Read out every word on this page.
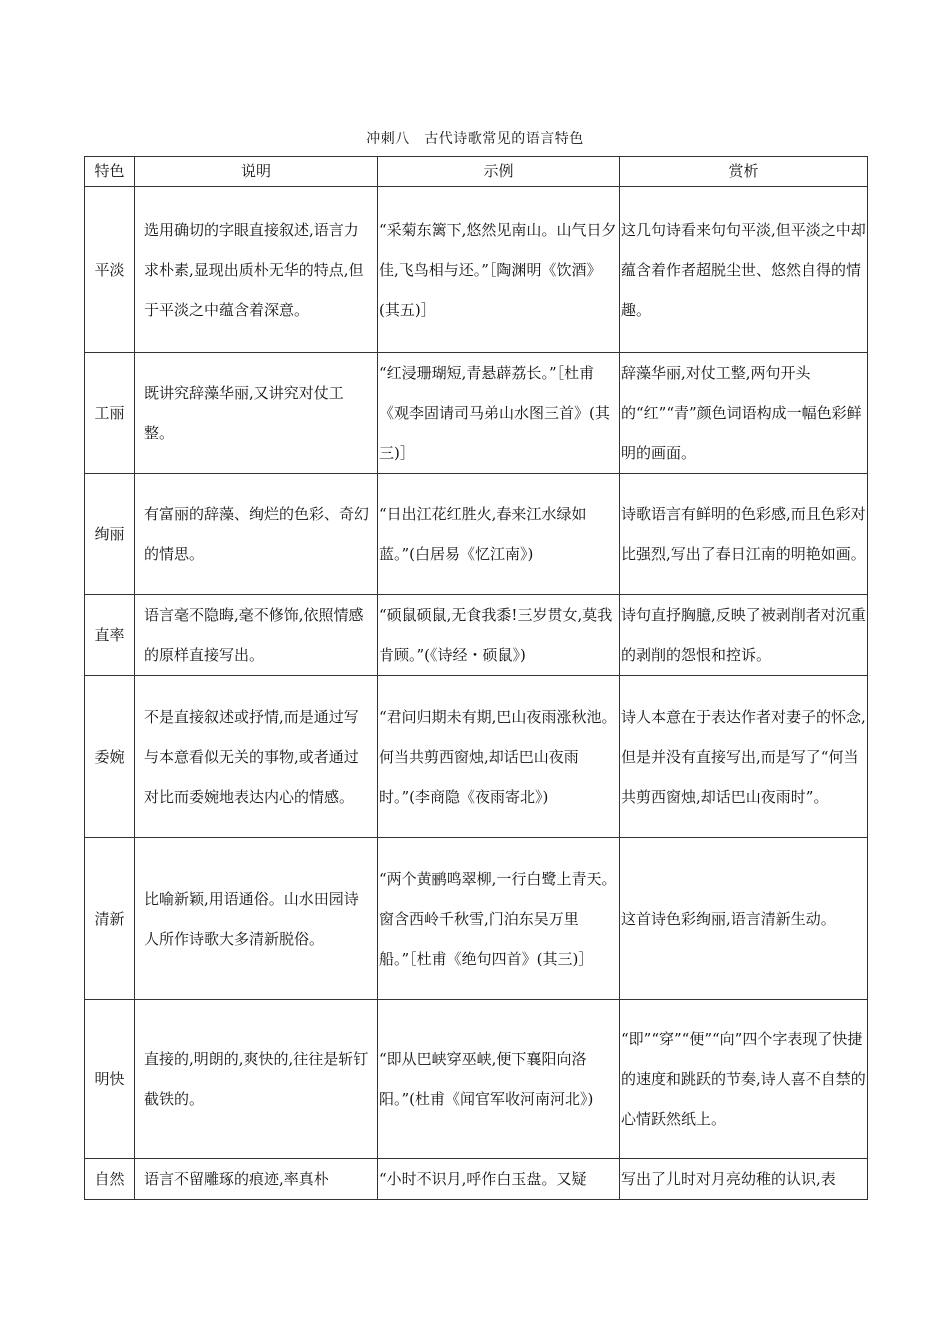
冲刺八　古代诗歌常见的语言特色
特色	说明	示例	赏析
平淡	选用确切的字眼直接叙述,语言力求朴素,显现出质朴无华的特点,但于平淡之中蕴含着深意。	“采菊东篱下,悠然见南山。山气日夕佳,飞鸟相与还。”［陶渊明《饮酒》(其五)］	这几句诗看来句句平淡,但平淡之中却蕴含着作者超脱尘世、悠然自得的情趣。
工丽	既讲究辞藻华丽,又讲究对仗工整。	“红浸珊瑚短,青悬薜荔长。”［杜甫《观李固请司马弟山水图三首》(其三)］	辞藻华丽,对仗工整,两句开头的“红”“青”颜色词语构成一幅色彩鲜明的画面。
绚丽	有富丽的辞藻、绚烂的色彩、奇幻的情思。	“日出江花红胜火,春来江水绿如蓝。”(白居易《忆江南》)	诗歌语言有鲜明的色彩感,而且色彩对比强烈,写出了春日江南的明艳如画。
直率	语言毫不隐晦,毫不修饰,依照情感的原样直接写出。	“硕鼠硕鼠,无食我黍!三岁贯女,莫我肯顾。”(《诗经・硕鼠》)	诗句直抒胸臆,反映了被剥削者对沉重的剥削的怨恨和控诉。
委婉	不是直接叙述或抒情,而是通过写与本意看似无关的事物,或者通过对比而委婉地表达内心的情感。	“君问归期未有期,巴山夜雨涨秋池。何当共剪西窗烛,却话巴山夜雨时。”(李商隐《夜雨寄北》)	诗人本意在于表达作者对妻子的怀念,但是并没有直接写出,而是写了“何当共剪西窗烛,却话巴山夜雨时”。
清新	比喻新颖,用语通俗。山水田园诗人所作诗歌大多清新脱俗。	“两个黄鹂鸣翠柳,一行白鹭上青天。窗含西岭千秋雪,门泊东吴万里船。”［杜甫《绝句四首》(其三)］	这首诗色彩绚丽,语言清新生动。
明快	直接的,明朗的,爽快的,往往是斩钉截铁的。	“即从巴峡穿巫峡,便下襄阳向洛阳。”(杜甫《闻官军收河南河北》)	“即”“穿”“便”“向”四个字表现了快捷的速度和跳跃的节奏,诗人喜不自禁的心情跃然纸上。
自然	语言不留雕琢的痕迹,率真朴	“小时不识月,呼作白玉盘。又疑	写出了儿时对月亮幼稚的认识,表
